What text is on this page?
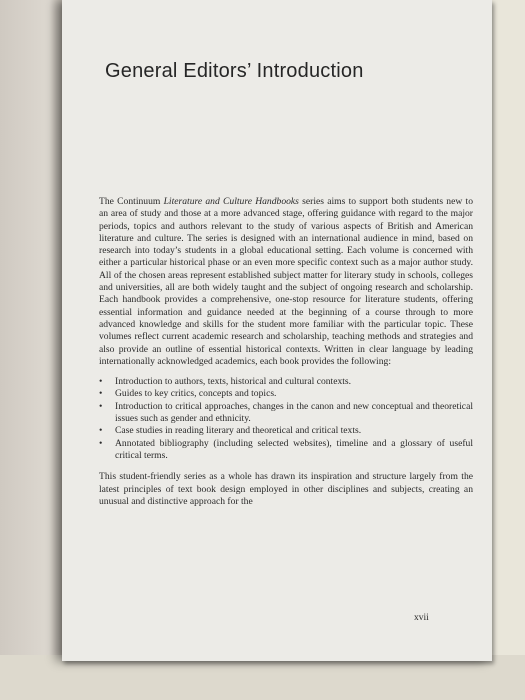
General Editors’ Introduction

The Continuum Literature and Culture Handbooks series aims to support both students new to an area of study and those at a more advanced stage, offering guidance with regard to the major periods, topics and authors relevant to the study of various aspects of British and American literature and culture. The series is designed with an international audience in mind, based on research into today’s students in a global educational setting. Each volume is concerned with either a particular historical phase or an even more specific context such as a major author study. All of the chosen areas represent established subject matter for literary study in schools, colleges and universities, all are both widely taught and the subject of ongoing research and scholarship. Each handbook provides a comprehensive, one-stop resource for literature students, offering essential information and guidance needed at the beginning of a course through to more advanced knowledge and skills for the student more familiar with the particular topic. These volumes reflect current academic research and scholarship, teaching methods and strategies and also provide an outline of essential historical contexts. Written in clear language by leading internationally acknowledged academics, each book provides the following:

• Introduction to authors, texts, historical and cultural contexts.
• Guides to key critics, concepts and topics.
• Introduction to critical approaches, changes in the canon and new conceptual and theoretical issues such as gender and ethnicity.
• Case studies in reading literary and theoretical and critical texts.
• Annotated bibliography (including selected websites), timeline and a glossary of useful critical terms.

This student-friendly series as a whole has drawn its inspiration and structure largely from the latest principles of text book design employed in other disciplines and subjects, creating an unusual and distinctive approach for the

xvii
